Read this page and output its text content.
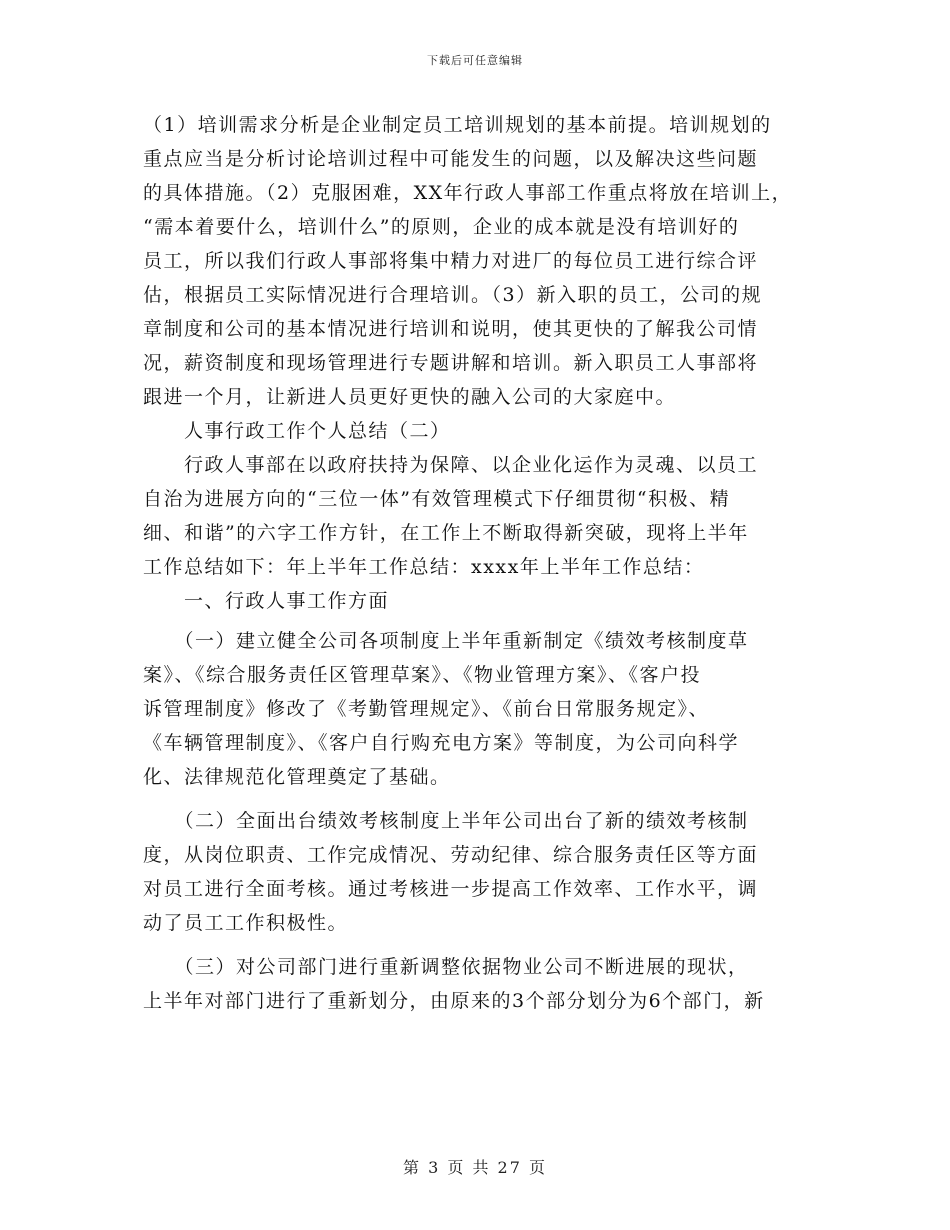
下载后可任意编辑
（1）培训需求分析是企业制定员工培训规划的基本前提。培训规划的
重点应当是分析讨论培训过程中可能发生的问题，以及解决这些问题
的具体措施。（2）克服困难，XX年行政人事部工作重点将放在培训上，
“需本着要什么，培训什么”的原则，企业的成本就是没有培训好的
员工，所以我们行政人事部将集中精力对进厂的每位员工进行综合评
估，根据员工实际情况进行合理培训。（3）新入职的员工，公司的规
章制度和公司的基本情况进行培训和说明，使其更快的了解我公司情
况，薪资制度和现场管理进行专题讲解和培训。新入职员工人事部将
跟进一个月，让新进人员更好更快的融入公司的大家庭中。
　　人事行政工作个人总结（二）
　　行政人事部在以政府扶持为保障、以企业化运作为灵魂、以员工
自治为进展方向的“三位一体”有效管理模式下仔细贯彻“积极、精
细、和谐”的六字工作方针，在工作上不断取得新突破，现将上半年
工作总结如下：年上半年工作总结：xxxx年上半年工作总结：
　　一、行政人事工作方面
　　（一）建立健全公司各项制度上半年重新制定《绩效考核制度草
案》、《综合服务责任区管理草案》、《物业管理方案》、《客户投
诉管理制度》修改了《考勤管理规定》、《前台日常服务规定》、
《车辆管理制度》、《客户自行购充电方案》等制度，为公司向科学
化、法律规范化管理奠定了基础。
　　（二）全面出台绩效考核制度上半年公司出台了新的绩效考核制
度，从岗位职责、工作完成情况、劳动纪律、综合服务责任区等方面
对员工进行全面考核。通过考核进一步提高工作效率、工作水平，调
动了员工工作积极性。
　　（三）对公司部门进行重新调整依据物业公司不断进展的现状，
上半年对部门进行了重新划分，由原来的3个部分划分为6个部门，新
第 3 页 共 27 页
